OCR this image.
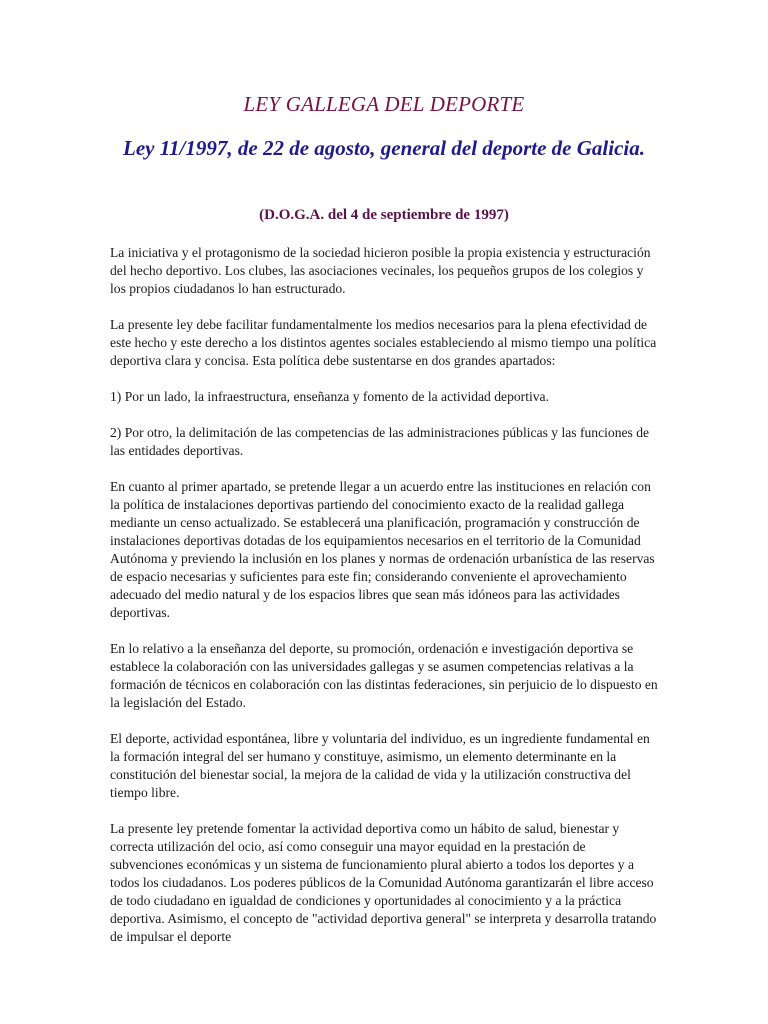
LEY GALLEGA DEL DEPORTE
Ley 11/1997, de 22 de agosto, general del deporte de Galicia.
(D.O.G.A. del 4 de septiembre de 1997)

La iniciativa y el protagonismo de la sociedad hicieron posible la propia existencia y estructuración del hecho deportivo. Los clubes, las asociaciones vecinales, los pequeños grupos de los colegios y los propios ciudadanos lo han estructurado.

La presente ley debe facilitar fundamentalmente los medios necesarios para la plena efectividad de este hecho y este derecho a los distintos agentes sociales estableciendo al mismo tiempo una política deportiva clara y concisa. Esta política debe sustentarse en dos grandes apartados:

1) Por un lado, la infraestructura, enseñanza y fomento de la actividad deportiva.

2) Por otro, la delimitación de las competencias de las administraciones públicas y las funciones de las entidades deportivas.

En cuanto al primer apartado, se pretende llegar a un acuerdo entre las instituciones en relación con la política de instalaciones deportivas partiendo del conocimiento exacto de la realidad gallega mediante un censo actualizado. Se establecerá una planificación, programación y construcción de instalaciones deportivas dotadas de los equipamientos necesarios en el territorio de la Comunidad Autónoma y previendo la inclusión en los planes y normas de ordenación urbanística de las reservas de espacio necesarias y suficientes para este fin; considerando conveniente el aprovechamiento adecuado del medio natural y de los espacios libres que sean más idóneos para las actividades deportivas.

En lo relativo a la enseñanza del deporte, su promoción, ordenación e investigación deportiva se establece la colaboración con las universidades gallegas y se asumen competencias relativas a la formación de técnicos en colaboración con las distintas federaciones, sin perjuicio de lo dispuesto en la legislación del Estado.

El deporte, actividad espontánea, libre y voluntaria del individuo, es un ingrediente fundamental en la formación integral del ser humano y constituye, asimismo, un elemento determinante en la constitución del bienestar social, la mejora de la calidad de vida y la utilización constructiva del tiempo libre.

La presente ley pretende fomentar la actividad deportiva como un hábito de salud, bienestar y correcta utilización del ocio, así como conseguir una mayor equidad en la prestación de subvenciones económicas y un sistema de funcionamiento plural abierto a todos los deportes y a todos los ciudadanos. Los poderes públicos de la Comunidad Autónoma garantizarán el libre acceso de todo ciudadano en igualdad de condiciones y oportunidades al conocimiento y a la práctica deportiva. Asimismo, el concepto de "actividad deportiva general" se interpreta y desarrolla tratando de impulsar el deporte
